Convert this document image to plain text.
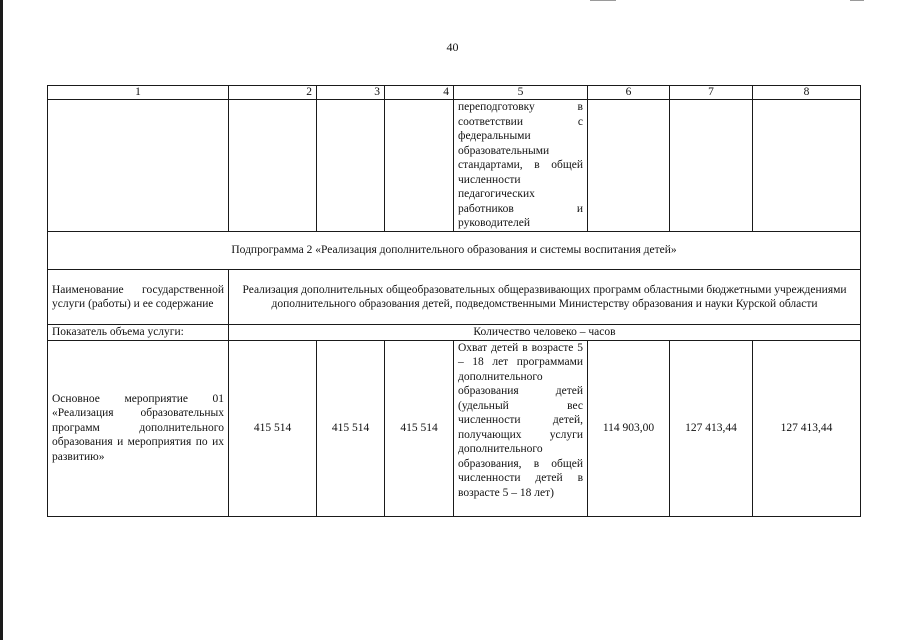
40
1	2	3	4	5	6	7	8
				переподготовку в соответствии с федеральными образовательными стандартами, в общей численности педагогических работников и руководителей			
Подпрограмма 2 «Реализация дополнительного образования и системы воспитания детей»							
Наименование государственной услуги (работы) и ее содержание	Реализация дополнительных общеобразовательных общеразвивающих программ областными бюджетными учреждениями дополнительного образования детей, подведомственными Министерству образования и науки Курской области						
Показатель объема услуги:	Количество человеко – часов						
Основное мероприятие 01 «Реализация образовательных программ дополнительного образования и мероприятия по их развитию»	415 514	415 514	415 514	Охват детей в возрасте 5 – 18 лет программами дополнительного образования детей (удельный вес численности детей, получающих услуги дополнительного образования, в общей численности детей в возрасте 5 – 18 лет)	114 903,00	127 413,44	127 413,44
